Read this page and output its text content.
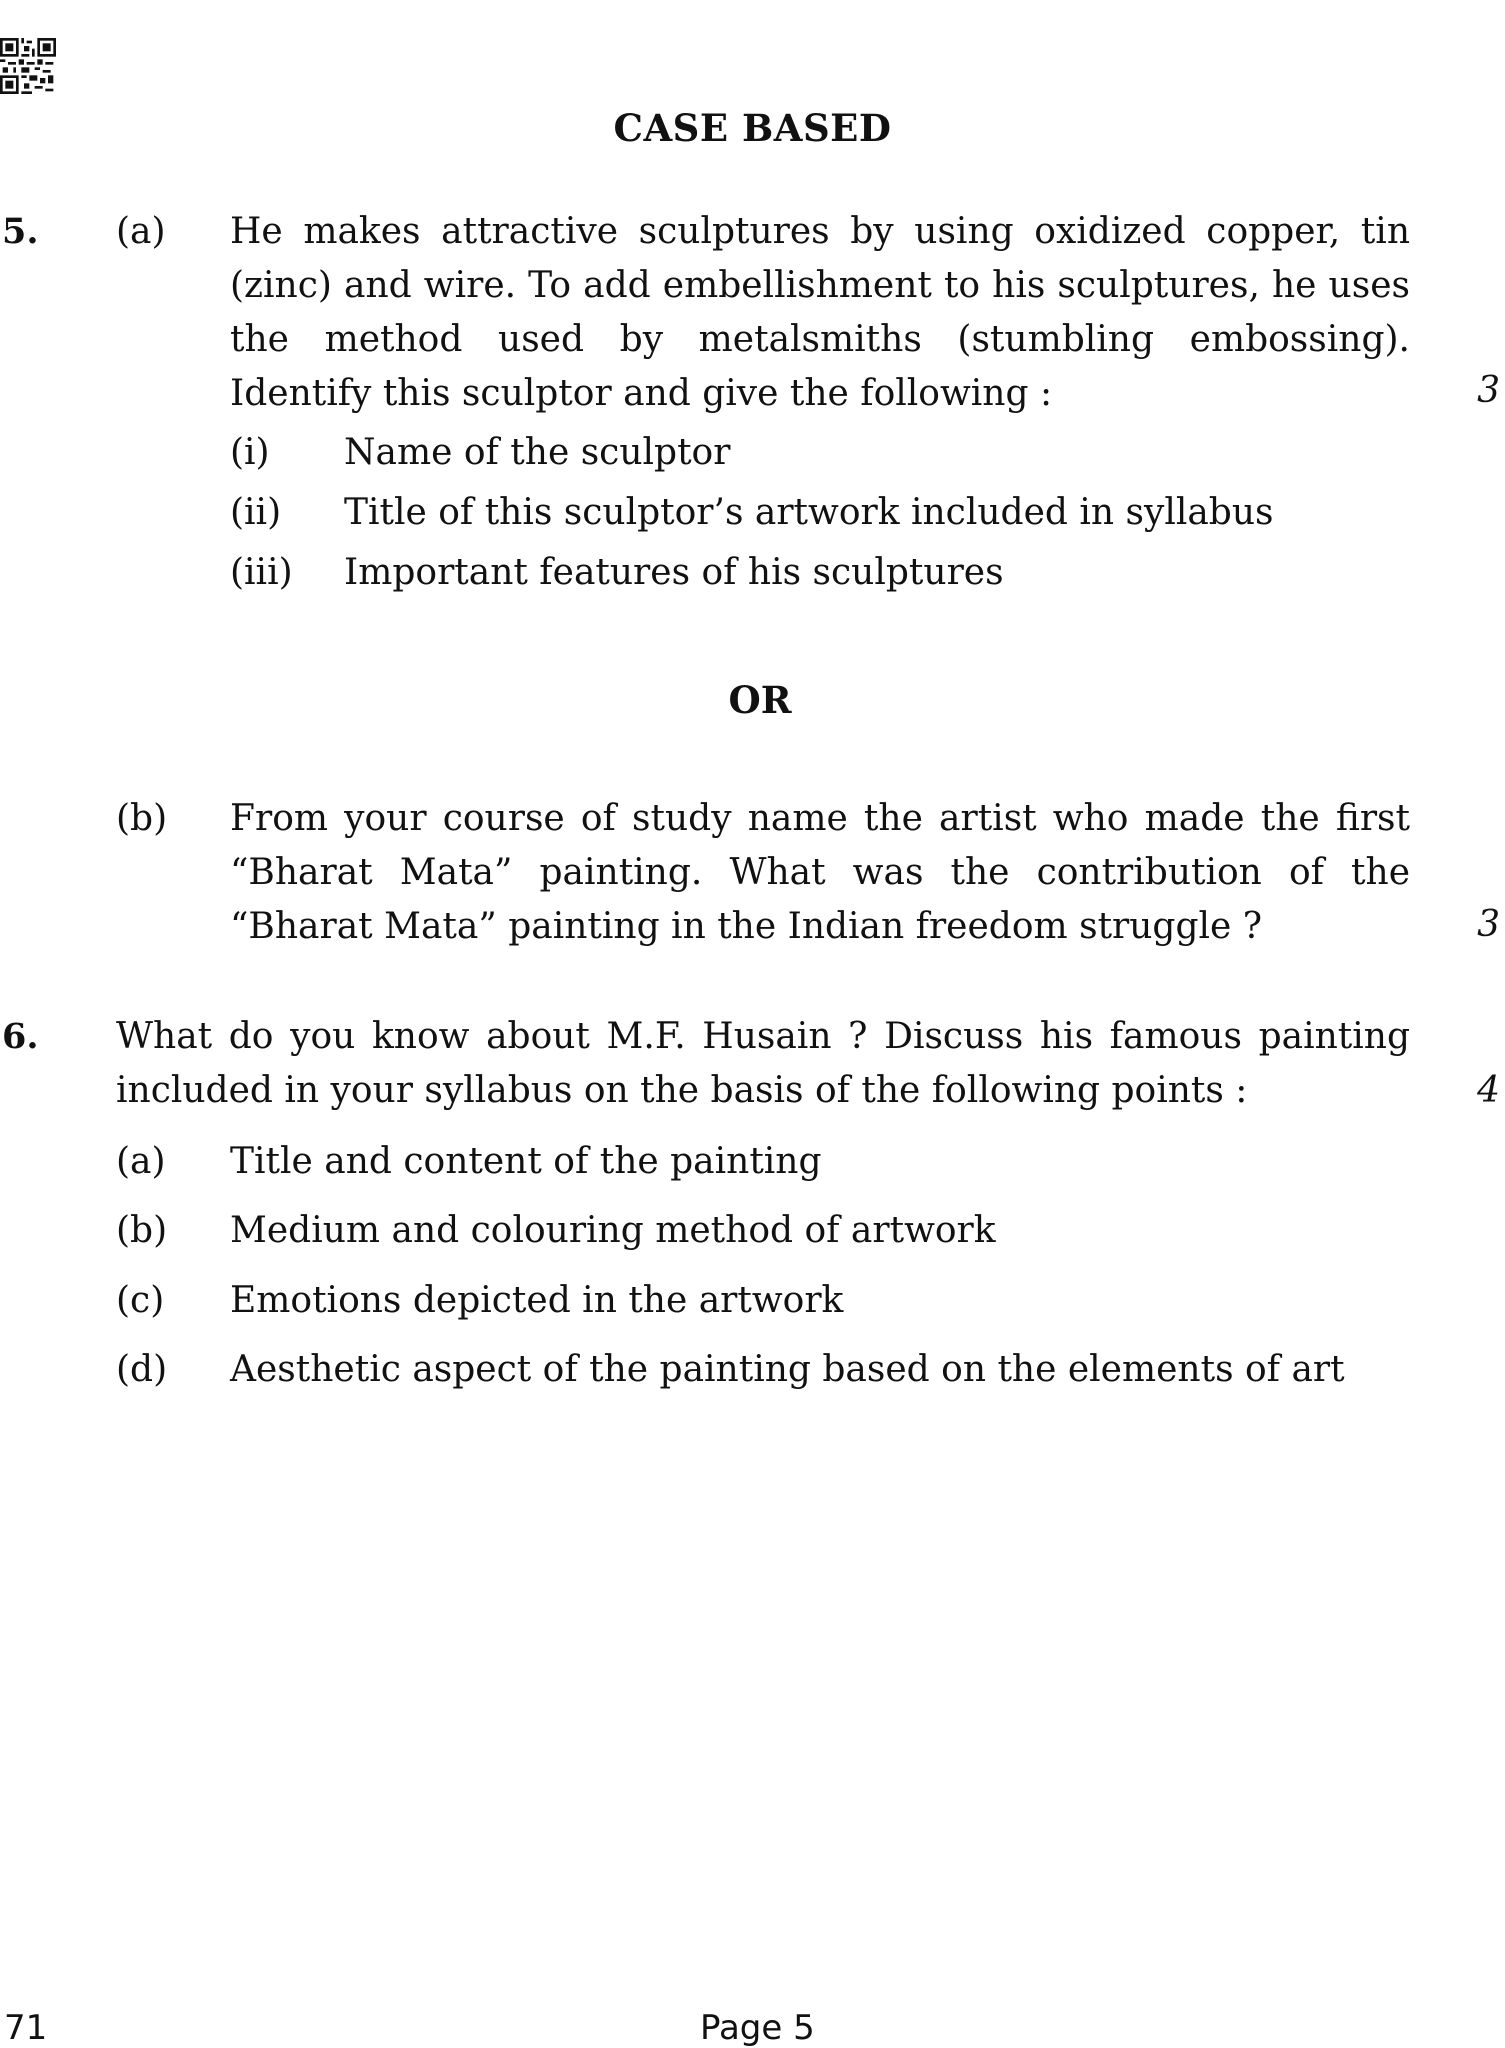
CASE BASED
5. (a) He makes attractive sculptures by using oxidized copper, tin (zinc) and wire. To add embellishment to his sculptures, he uses the method used by metalsmiths (stumbling embossing). Identify this sculptor and give the following :	3
(i) Name of the sculptor
(ii) Title of this sculptor’s artwork included in syllabus
(iii) Important features of his sculptures
OR
(b) From your course of study name the artist who made the first “Bharat Mata” painting. What was the contribution of the “Bharat Mata” painting in the Indian freedom struggle ?	3
6. What do you know about M.F. Husain ? Discuss his famous painting included in your syllabus on the basis of the following points :	4
(a) Title and content of the painting
(b) Medium and colouring method of artwork
(c) Emotions depicted in the artwork
(d) Aesthetic aspect of the painting based on the elements of art
71	Page 5
